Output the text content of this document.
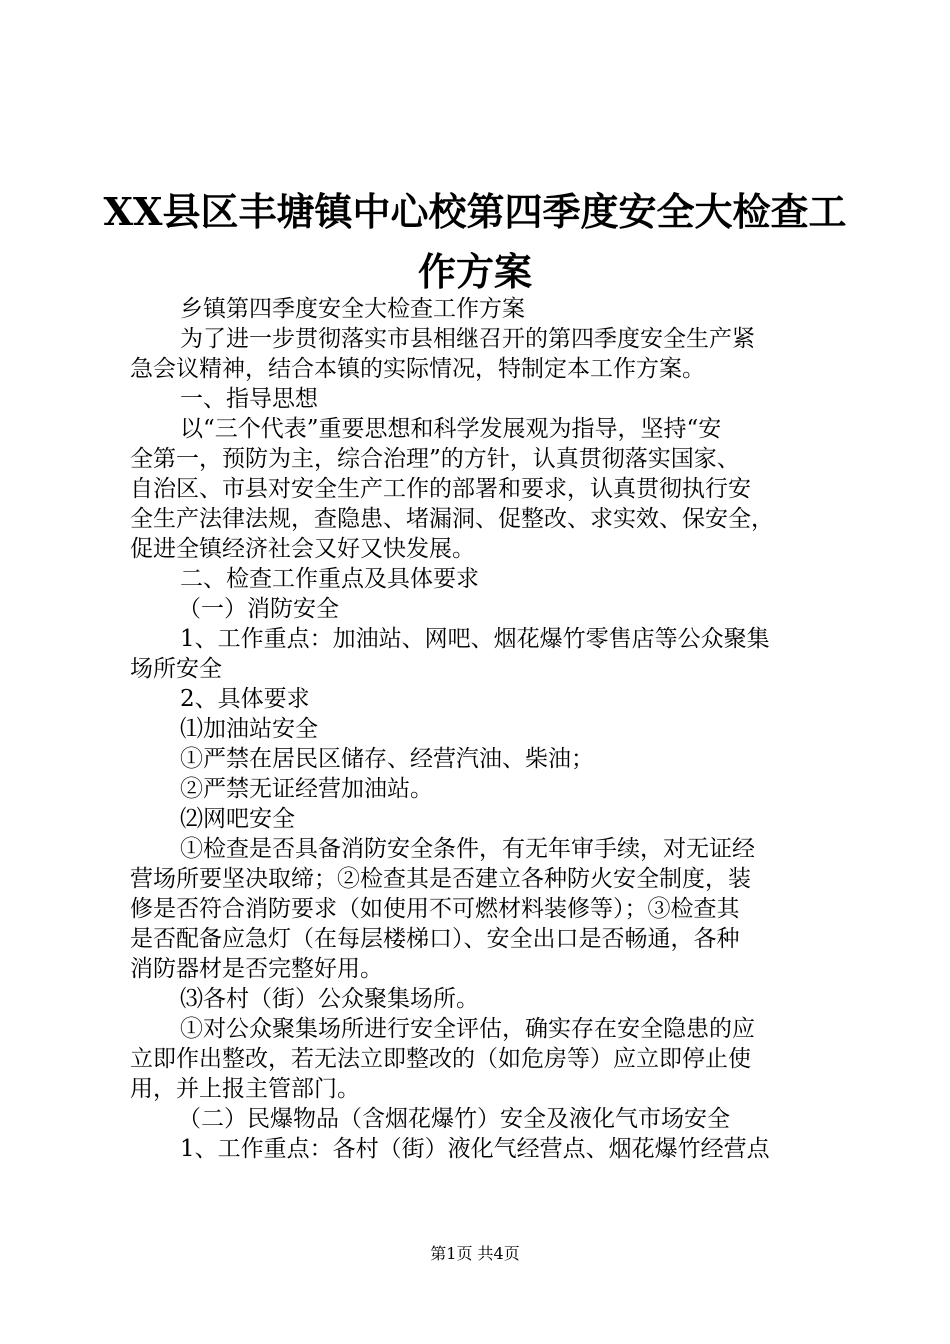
XX县区丰塘镇中心校第四季度安全大检查工
作方案
乡镇第四季度安全大检查工作方案
为了进一步贯彻落实市县相继召开的第四季度安全生产紧
急会议精神，结合本镇的实际情况，特制定本工作方案。
一、指导思想
以“三个代表”重要思想和科学发展观为指导，坚持“安
全第一，预防为主，综合治理”的方针，认真贯彻落实国家、
自治区、市县对安全生产工作的部署和要求，认真贯彻执行安
全生产法律法规，查隐患、堵漏洞、促整改、求实效、保安全，
促进全镇经济社会又好又快发展。
二、检查工作重点及具体要求
（一）消防安全
1、工作重点：加油站、网吧、烟花爆竹零售店等公众聚集
场所安全
2、具体要求
⑴加油站安全
①严禁在居民区储存、经营汽油、柴油；
②严禁无证经营加油站。
⑵网吧安全
①检查是否具备消防安全条件，有无年审手续，对无证经
营场所要坚决取缔；②检查其是否建立各种防火安全制度，装
修是否符合消防要求（如使用不可燃材料装修等）；③检查其
是否配备应急灯（在每层楼梯口）、安全出口是否畅通，各种
消防器材是否完整好用。
⑶各村（街）公众聚集场所。
①对公众聚集场所进行安全评估，确实存在安全隐患的应
立即作出整改，若无法立即整改的（如危房等）应立即停止使
用，并上报主管部门。
（二）民爆物品（含烟花爆竹）安全及液化气市场安全
1、工作重点：各村（街）液化气经营点、烟花爆竹经营点
第1页 共4页
